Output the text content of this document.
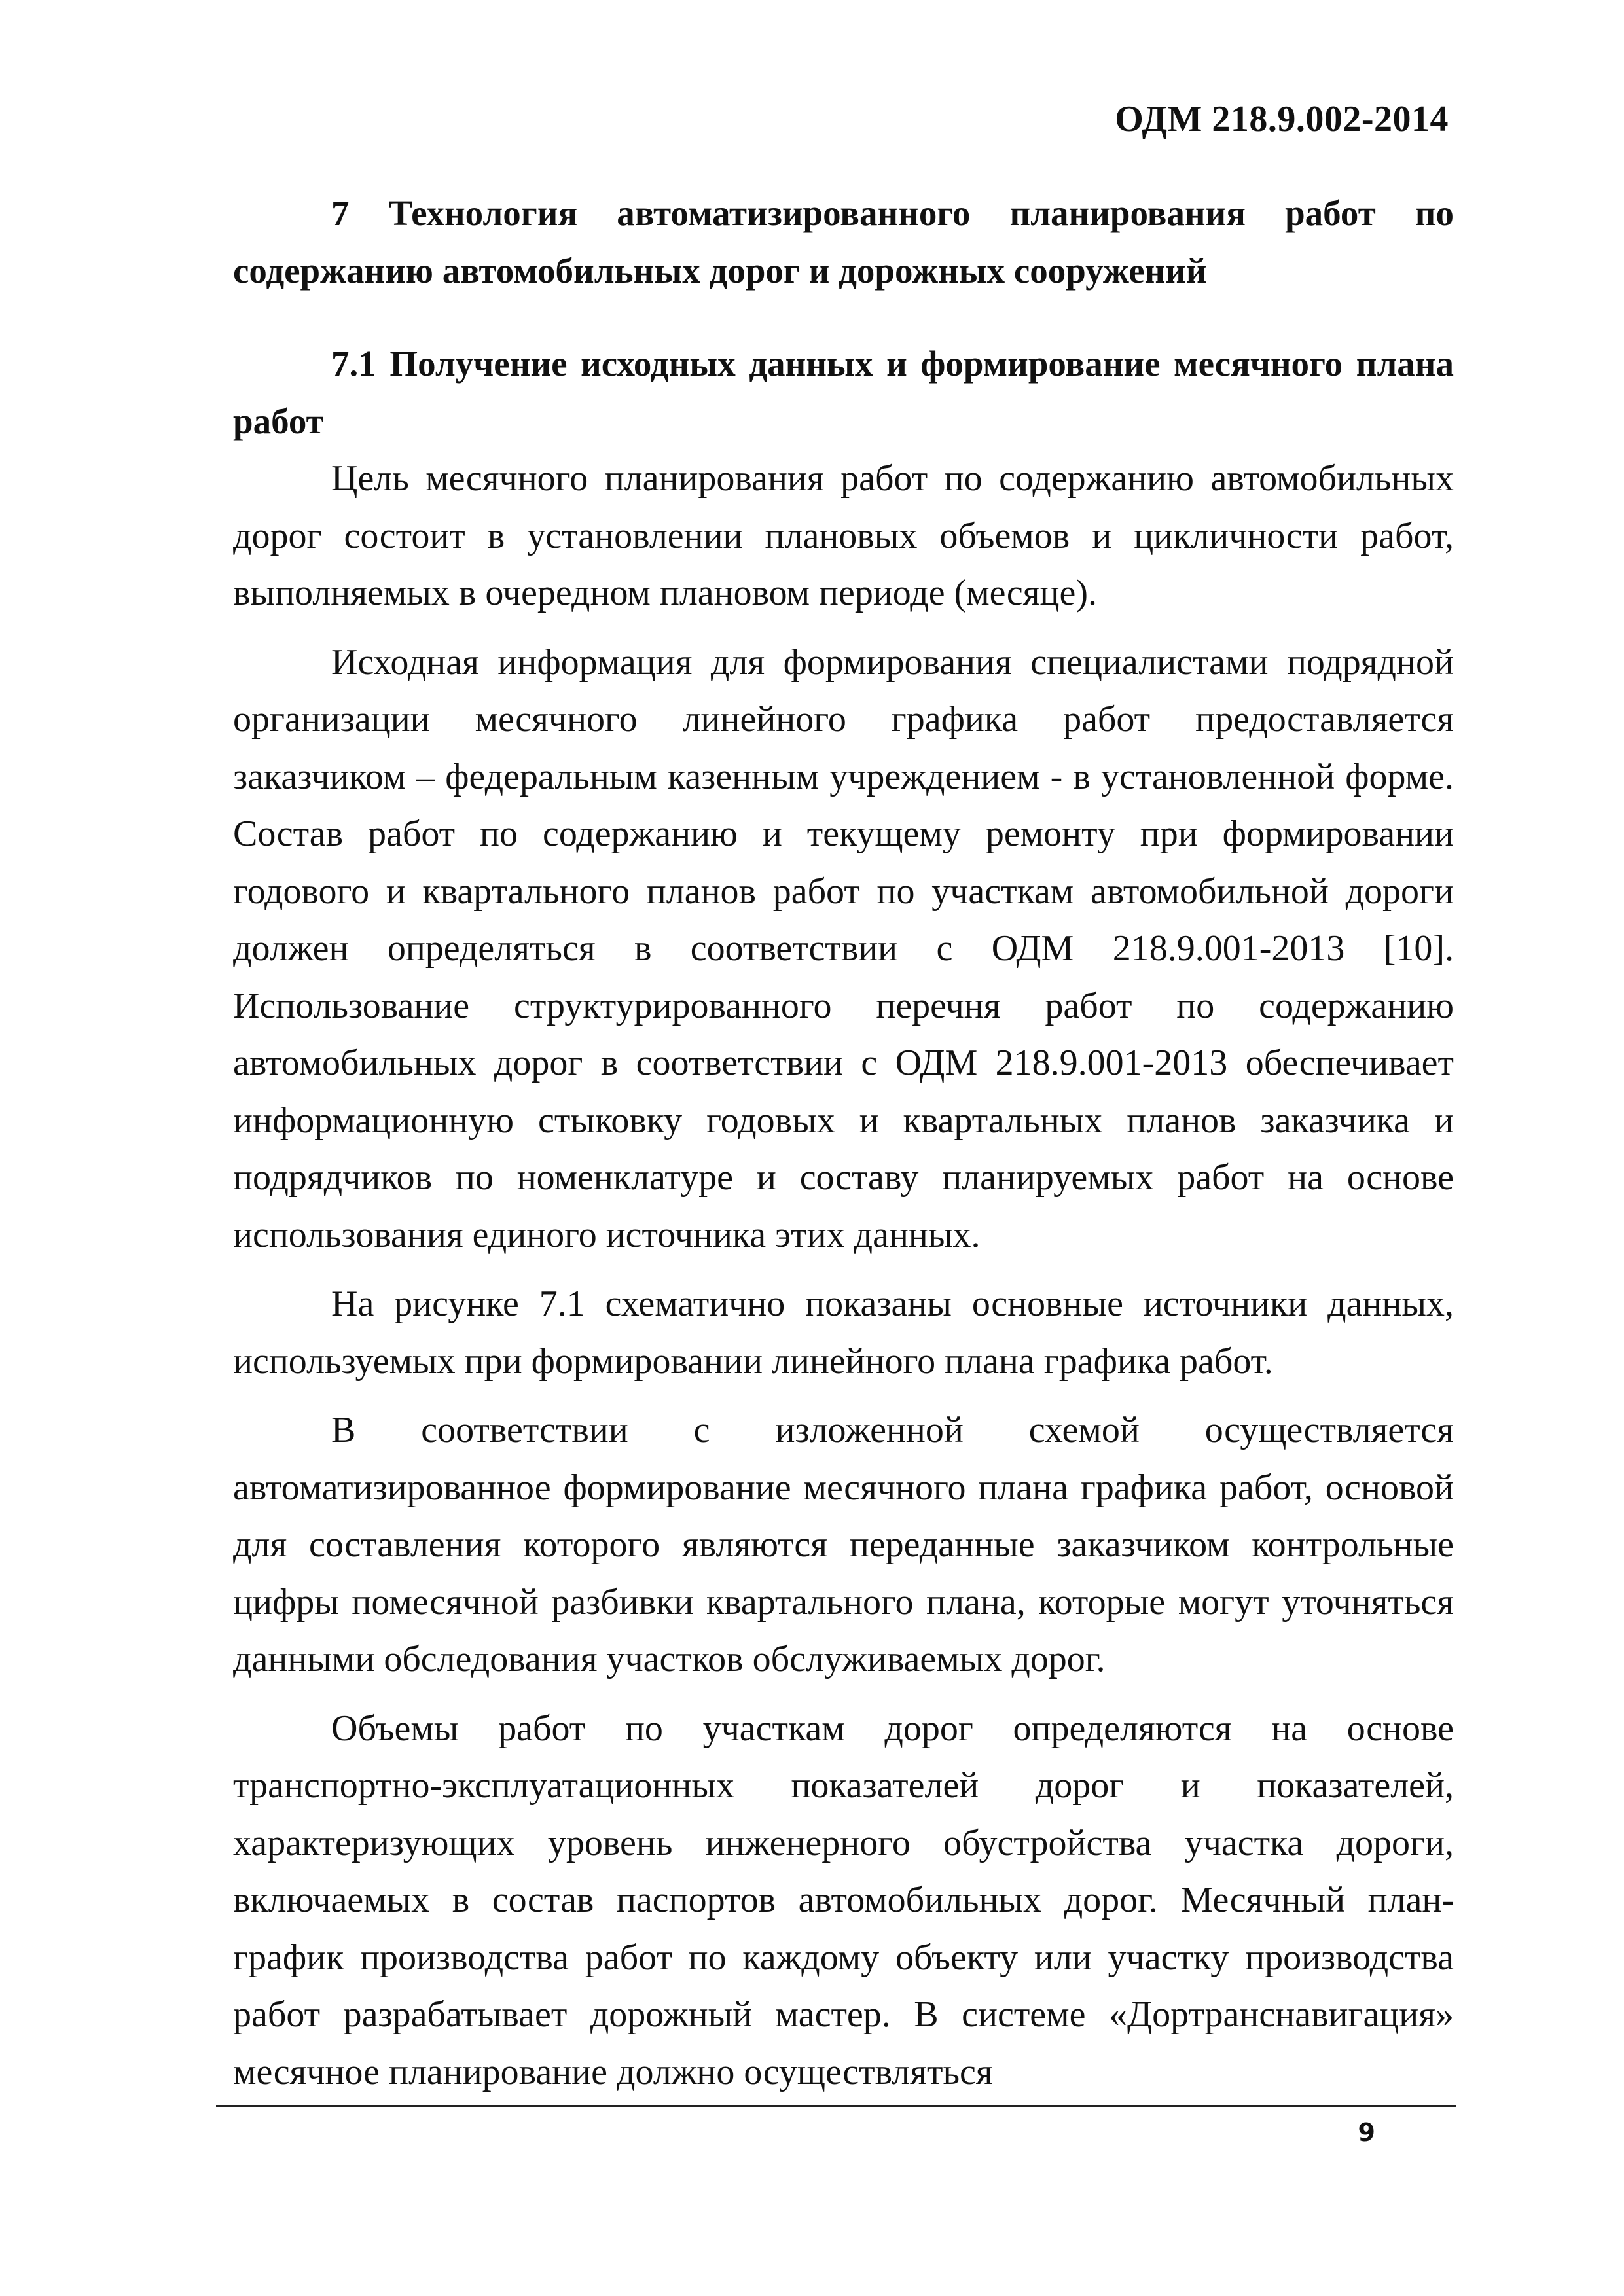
ОДМ 218.9.002-2014

7 Технология автоматизированного планирования работ по содержанию автомобильных дорог и дорожных сооружений

7.1 Получение исходных данных и формирование месячного плана работ

Цель месячного планирования работ по содержанию автомобильных дорог состоит в установлении плановых объемов и цикличности работ, выполняемых в очередном плановом периоде (месяце).

Исходная информация для формирования специалистами подрядной организации месячного линейного графика работ предоставляется заказчиком – федеральным казенным учреждением - в установленной форме. Состав работ по содержанию и текущему ремонту при формировании годового и квартального планов работ по участкам автомобильной дороги должен определяться в соответствии с ОДМ 218.9.001-2013 [10]. Использование структурированного перечня работ по содержанию автомобильных дорог в соответствии с ОДМ 218.9.001-2013 обеспечивает информационную стыковку годовых и квартальных планов заказчика и подрядчиков по номенклатуре и составу планируемых работ на основе использования единого источника этих данных.

На рисунке 7.1 схематично показаны основные источники данных, используемых при формировании линейного плана графика работ.

В соответствии с изложенной схемой осуществляется автоматизированное формирование месячного плана графика работ, основой для составления которого являются переданные заказчиком контрольные цифры помесячной разбивки квартального плана, которые могут уточняться данными обследования участков обслуживаемых дорог.

Объемы работ по участкам дорог определяются на основе транспортно-эксплуатационных показателей дорог и показателей, характеризующих уровень инженерного обустройства участка дороги, включаемых в состав паспортов автомобильных дорог. Месячный план-график производства работ по каждому объекту или участку производства работ разрабатывает дорожный мастер. В системе «Дортранснавигация» месячное планирование должно осуществляться

9
